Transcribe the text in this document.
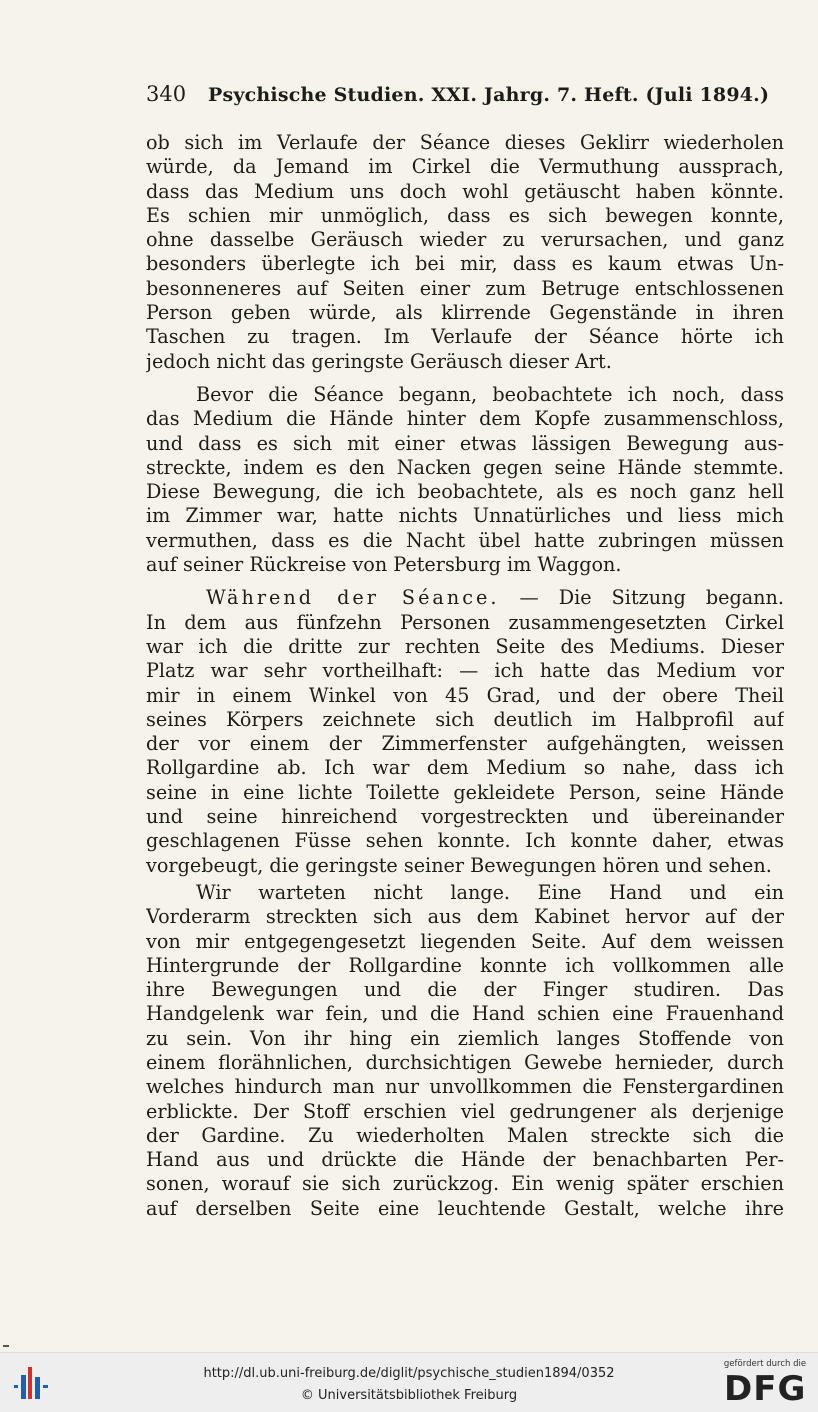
340 Psychische Studien. XXI. Jahrg. 7. Heft. (Juli 1894.)
ob sich im Verlaufe der Séance dieses Geklirr wiederholen
würde, da Jemand im Cirkel die Vermuthung aussprach,
dass das Medium uns doch wohl getäuscht haben könnte.
Es schien mir unmöglich, dass es sich bewegen konnte,
ohne dasselbe Geräusch wieder zu verursachen, und ganz
besonders überlegte ich bei mir, dass es kaum etwas Un-
besonneneres auf Seiten einer zum Betruge entschlossenen
Person geben würde, als klirrende Gegenstände in ihren
Taschen zu tragen. Im Verlaufe der Séance hörte ich
jedoch nicht das geringste Geräusch dieser Art.
Bevor die Séance begann, beobachtete ich noch, dass
das Medium die Hände hinter dem Kopfe zusammenschloss,
und dass es sich mit einer etwas lässigen Bewegung aus-
streckte, indem es den Nacken gegen seine Hände stemmte.
Diese Bewegung, die ich beobachtete, als es noch ganz hell
im Zimmer war, hatte nichts Unnatürliches und liess mich
vermuthen, dass es die Nacht übel hatte zubringen müssen
auf seiner Rückreise von Petersburg im Waggon.
Während der Séance. — Die Sitzung begann.
In dem aus fünfzehn Personen zusammengesetzten Cirkel
war ich die dritte zur rechten Seite des Mediums. Dieser
Platz war sehr vortheilhaft: — ich hatte das Medium vor
mir in einem Winkel von 45 Grad, und der obere Theil
seines Körpers zeichnete sich deutlich im Halbprofil auf
der vor einem der Zimmerfenster aufgehängten, weissen
Rollgardine ab. Ich war dem Medium so nahe, dass ich
seine in eine lichte Toilette gekleidete Person, seine Hände
und seine hinreichend vorgestreckten und übereinander
geschlagenen Füsse sehen konnte. Ich konnte daher, etwas
vorgebeugt, die geringste seiner Bewegungen hören und sehen.
Wir warteten nicht lange. Eine Hand und ein
Vorderarm streckten sich aus dem Kabinet hervor auf der
von mir entgegengesetzt liegenden Seite. Auf dem weissen
Hintergrunde der Rollgardine konnte ich vollkommen alle
ihre Bewegungen und die der Finger studiren. Das
Handgelenk war fein, und die Hand schien eine Frauenhand
zu sein. Von ihr hing ein ziemlich langes Stoffende von
einem florähnlichen, durchsichtigen Gewebe hernieder, durch
welches hindurch man nur unvollkommen die Fenstergardinen
erblickte. Der Stoff erschien viel gedrungener als derjenige
der Gardine. Zu wiederholten Malen streckte sich die
Hand aus und drückte die Hände der benachbarten Per-
sonen, worauf sie sich zurückzog. Ein wenig später erschien
auf derselben Seite eine leuchtende Gestalt, welche ihre
http://dl.ub.uni-freiburg.de/diglit/psychische_studien1894/0352
© Universitätsbibliothek Freiburg
gefördert durch die
DFG
